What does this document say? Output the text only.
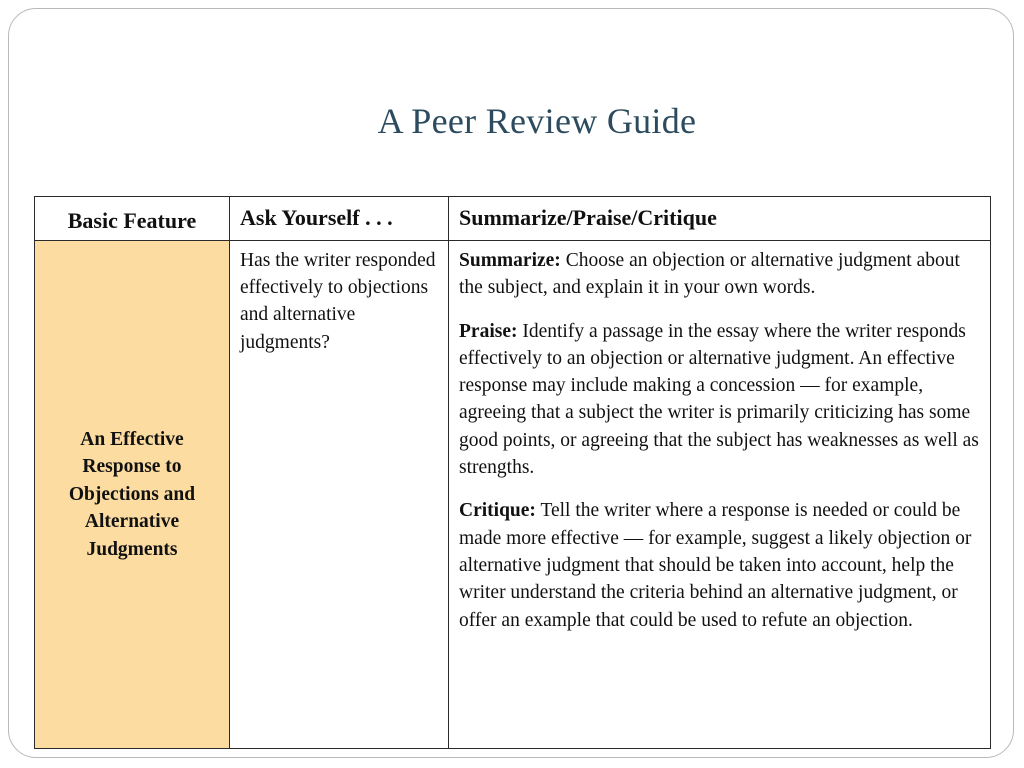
A Peer Review Guide
Basic Feature	Ask Yourself . . .	Summarize/Praise/Critique
An Effective Response to Objections and Alternative Judgments	Has the writer responded effectively to objections and alternative judgments?	Summarize: Choose an objection or alternative judgment about the subject, and explain it in your own words.

Praise: Identify a passage in the essay where the writer responds effectively to an objection or alternative judgment. An effective response may include making a concession — for example, agreeing that a subject the writer is primarily criticizing has some good points, or agreeing that the subject has weaknesses as well as strengths.

Critique: Tell the writer where a response is needed or could be made more effective — for example, suggest a likely objection or alternative judgment that should be taken into account, help the writer understand the criteria behind an alternative judgment, or offer an example that could be used to refute an objection.
